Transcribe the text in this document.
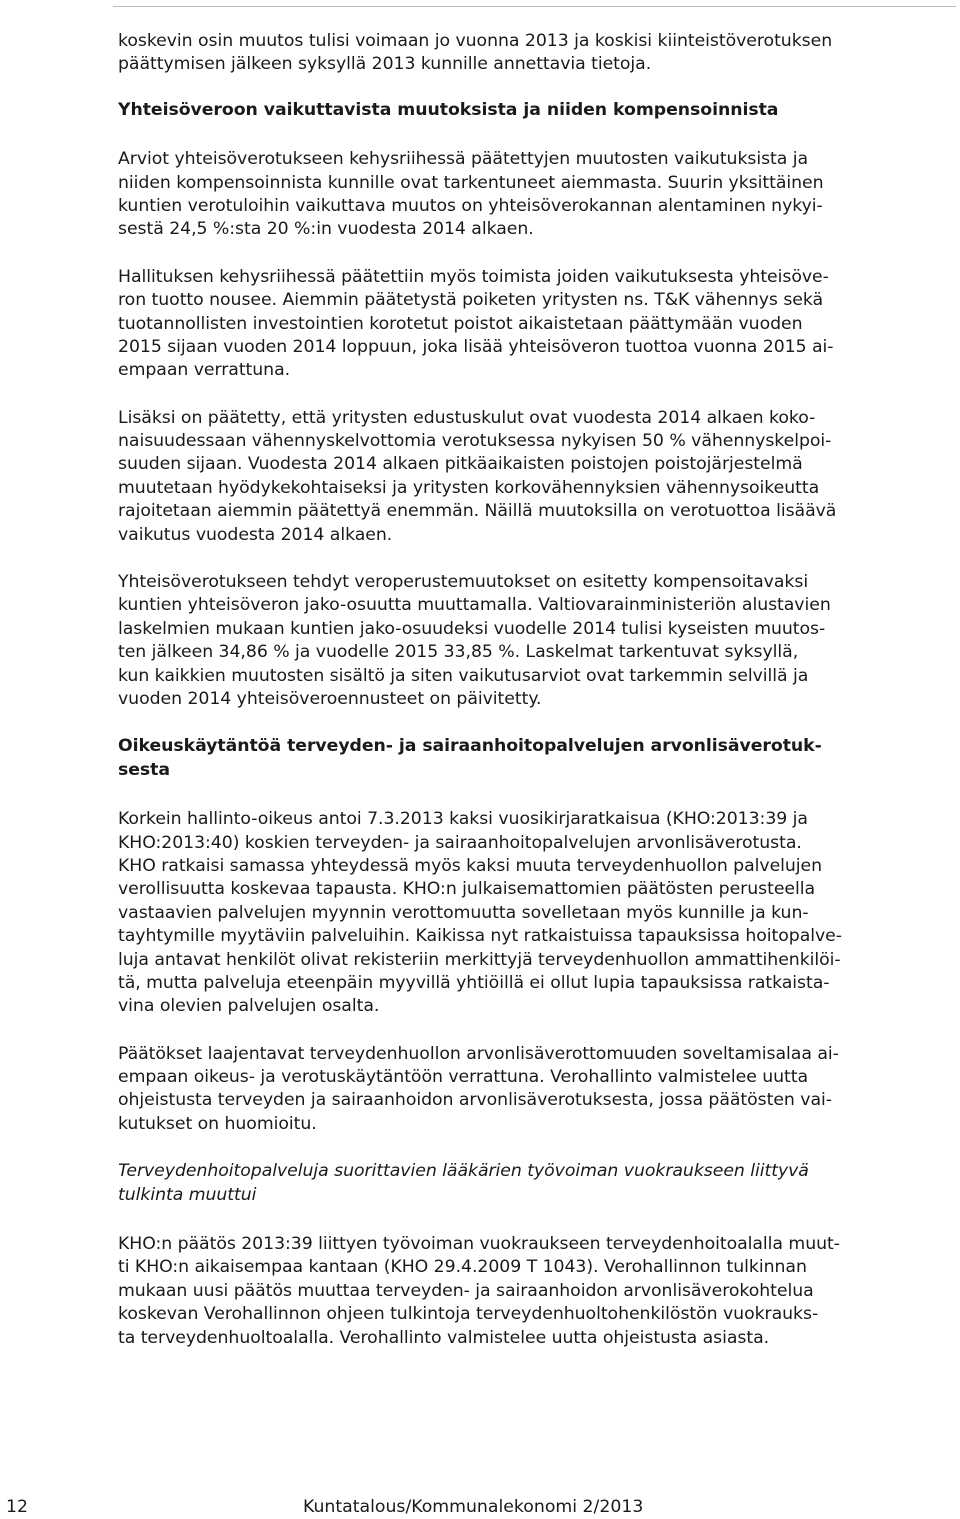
koskevin osin muutos tulisi voimaan jo vuonna 2013 ja koskisi kiinteistöverotuksen
päättymisen jälkeen syksyllä 2013 kunnille annettavia tietoja.
Yhteisöveroon vaikuttavista muutoksista ja niiden kompensoinnista
Arviot yhteisöverotukseen kehysriihessä päätettyjen muutosten vaikutuksista ja
niiden kompensoinnista kunnille ovat tarkentuneet aiemmasta. Suurin yksittäinen
kuntien verotuloihin vaikuttava muutos on yhteisöverokannan alentaminen nykyi-
sestä 24,5 %:sta 20 %:in vuodesta 2014 alkaen.
Hallituksen kehysriihessä päätettiin myös toimista joiden vaikutuksesta yhteisöve-
ron tuotto nousee. Aiemmin päätetystä poiketen yritysten ns. T&K vähennys sekä
tuotannollisten investointien korotetut poistot aikaistetaan päättymään vuoden
2015 sijaan vuoden 2014 loppuun, joka lisää yhteisöveron tuottoa vuonna 2015 ai-
empaan verrattuna.
Lisäksi on päätetty, että yritysten edustuskulut ovat vuodesta 2014 alkaen koko-
naisuudessaan vähennyskelvottomia verotuksessa nykyisen 50 % vähennyskelpoi-
suuden sijaan. Vuodesta 2014 alkaen pitkäaikaisten poistojen poistojärjestelmä
muutetaan hyödykekohtaiseksi ja yritysten korkovähennyksien vähennysoikeutta
rajoitetaan aiemmin päätettyä enemmän. Näillä muutoksilla on verotuottoa lisäävä
vaikutus vuodesta 2014 alkaen.
Yhteisöverotukseen tehdyt veroperustemuutokset on esitetty kompensoitavaksi
kuntien yhteisöveron jako-osuutta muuttamalla. Valtiovarainministeriön alustavien
laskelmien mukaan kuntien jako-osuudeksi vuodelle 2014 tulisi kyseisten muutos-
ten jälkeen 34,86 % ja vuodelle 2015 33,85 %. Laskelmat tarkentuvat syksyllä,
kun kaikkien muutosten sisältö ja siten vaikutusarviot ovat tarkemmin selvillä ja
vuoden 2014 yhteisöveroennusteet on päivitetty.
Oikeuskäytäntöä terveyden- ja sairaanhoitopalvelujen arvonlisäverotuk-
sesta
Korkein hallinto-oikeus antoi 7.3.2013 kaksi vuosikirjaratkaisua (KHO:2013:39 ja
KHO:2013:40) koskien terveyden- ja sairaanhoitopalvelujen arvonlisäverotusta.
KHO ratkaisi samassa yhteydessä myös kaksi muuta terveydenhuollon palvelujen
verollisuutta koskevaa tapausta. KHO:n julkaisemattomien päätösten perusteella
vastaavien palvelujen myynnin verottomuutta sovelletaan myös kunnille ja kun-
tayhtymille myytäviin palveluihin. Kaikissa nyt ratkaistuissa tapauksissa hoitopalve-
luja antavat henkilöt olivat rekisteriin merkittyjä terveydenhuollon ammattihenkilöi-
tä, mutta palveluja eteenpäin myyvillä yhtiöillä ei ollut lupia tapauksissa ratkaista-
vina olevien palvelujen osalta.
Päätökset laajentavat terveydenhuollon arvonlisäverottomuuden soveltamisalaa ai-
empaan oikeus- ja verotuskäytäntöön verrattuna. Verohallinto valmistelee uutta
ohjeistusta terveyden ja sairaanhoidon arvonlisäverotuksesta, jossa päätösten vai-
kutukset on huomioitu.
Terveydenhoitopalveluja suorittavien lääkärien työvoiman vuokraukseen liittyvä
tulkinta muuttui
KHO:n päätös 2013:39 liittyen työvoiman vuokraukseen terveydenhoitoalalla muut-
ti KHO:n aikaisempaa kantaan (KHO 29.4.2009 T 1043). Verohallinnon tulkinnan
mukaan uusi päätös muuttaa terveyden- ja sairaanhoidon arvonlisäverokohtelua
koskevan Verohallinnon ohjeen tulkintoja terveydenhuoltohenkilöstön vuokrauks-
ta terveydenhuoltoalalla. Verohallinto valmistelee uutta ohjeistusta asiasta.
12	Kuntatalous/Kommunalekonomi 2/2013
